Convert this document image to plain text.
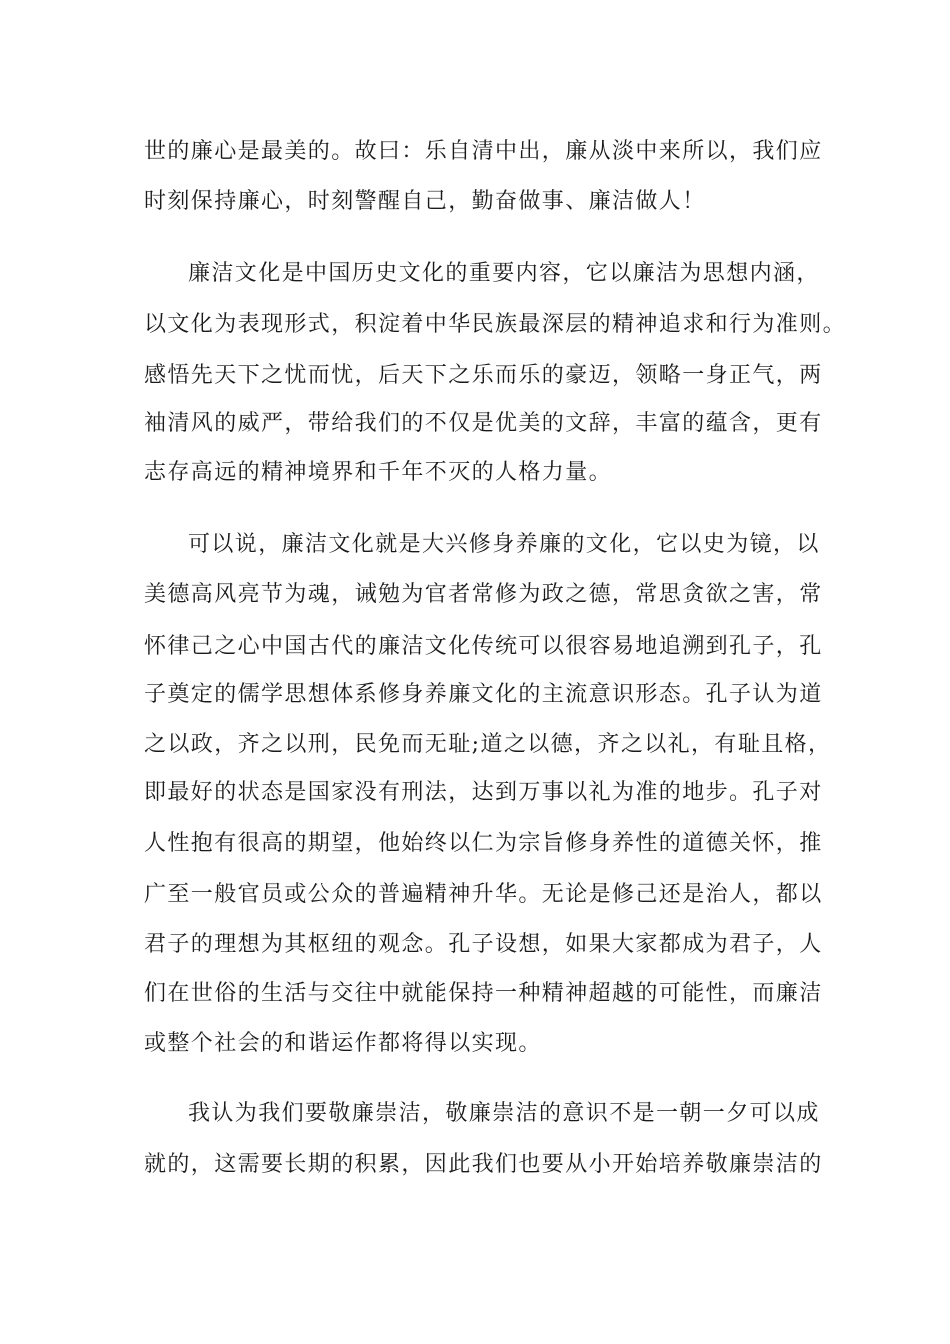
世的廉心是最美的。故曰：乐自清中出，廉从淡中来所以，我们应
时刻保持廉心，时刻警醒自己，勤奋做事、廉洁做人！
廉洁文化是中国历史文化的重要内容，它以廉洁为思想内涵，
以文化为表现形式，积淀着中华民族最深层的精神追求和行为准则。
感悟先天下之忧而忧，后天下之乐而乐的豪迈，领略一身正气，两
袖清风的威严，带给我们的不仅是优美的文辞，丰富的蕴含，更有
志存高远的精神境界和千年不灭的人格力量。
可以说，廉洁文化就是大兴修身养廉的文化，它以史为镜，以
美德高风亮节为魂，诫勉为官者常修为政之德，常思贪欲之害，常
怀律己之心中国古代的廉洁文化传统可以很容易地追溯到孔子，孔
子奠定的儒学思想体系修身养廉文化的主流意识形态。孔子认为道
之以政，齐之以刑，民免而无耻;道之以德，齐之以礼，有耻且格，
即最好的状态是国家没有刑法，达到万事以礼为准的地步。孔子对
人性抱有很高的期望，他始终以仁为宗旨修身养性的道德关怀，推
广至一般官员或公众的普遍精神升华。无论是修己还是治人，都以
君子的理想为其枢纽的观念。孔子设想，如果大家都成为君子，人
们在世俗的生活与交往中就能保持一种精神超越的可能性，而廉洁
或整个社会的和谐运作都将得以实现。
我认为我们要敬廉崇洁，敬廉崇洁的意识不是一朝一夕可以成
就的，这需要长期的积累，因此我们也要从小开始培养敬廉崇洁的
